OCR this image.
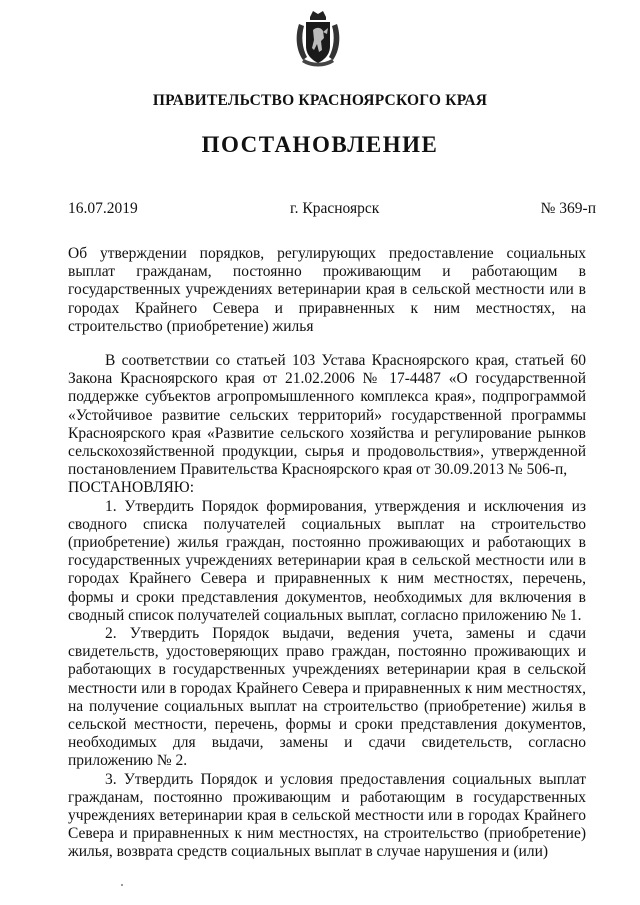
ПРАВИТЕЛЬСТВО КРАСНОЯРСКОГО КРАЯ
ПОСТАНОВЛЕНИЕ
16.07.2019	г. Красноярск	№ 369-п
Об утверждении порядков, регулирующих предоставление социальных выплат гражданам, постоянно проживающим и работающим в государственных учреждениях ветеринарии края в сельской местности или в городах Крайнего Севера и приравненных к ним местностях, на строительство (приобретение) жилья

В соответствии со статьей 103 Устава Красноярского края, статьей 60 Закона Красноярского края от 21.02.2006 № 17-4487 «О государственной поддержке субъектов агропромышленного комплекса края», подпрограммой «Устойчивое развитие сельских территорий» государственной программы Красноярского края «Развитие сельского хозяйства и регулирование рынков сельскохозяйственной продукции, сырья и продовольствия», утвержденной постановлением Правительства Красноярского края от 30.09.2013 № 506-п,

ПОСТАНОВЛЯЮ:

1. Утвердить Порядок формирования, утверждения и исключения из сводного списка получателей социальных выплат на строительство (приобретение) жилья граждан, постоянно проживающих и работающих в государственных учреждениях ветеринарии края в сельской местности или в городах Крайнего Севера и приравненных к ним местностях, перечень, формы и сроки представления документов, необходимых для включения в сводный список получателей социальных выплат, согласно приложению № 1.

2. Утвердить Порядок выдачи, ведения учета, замены и сдачи свидетельств, удостоверяющих право граждан, постоянно проживающих и работающих в государственных учреждениях ветеринарии края в сельской местности или в городах Крайнего Севера и приравненных к ним местностях, на получение социальных выплат на строительство (приобретение) жилья в сельской местности, перечень, формы и сроки представления документов, необходимых для выдачи, замены и сдачи свидетельств, согласно приложению № 2.

3. Утвердить Порядок и условия предоставления социальных выплат гражданам, постоянно проживающим и работающим в государственных учреждениях ветеринарии края в сельской местности или в городах Крайнего Севера и приравненных к ним местностях, на строительство (приобретение) жилья, возврата средств социальных выплат в случае нарушения и (или)
